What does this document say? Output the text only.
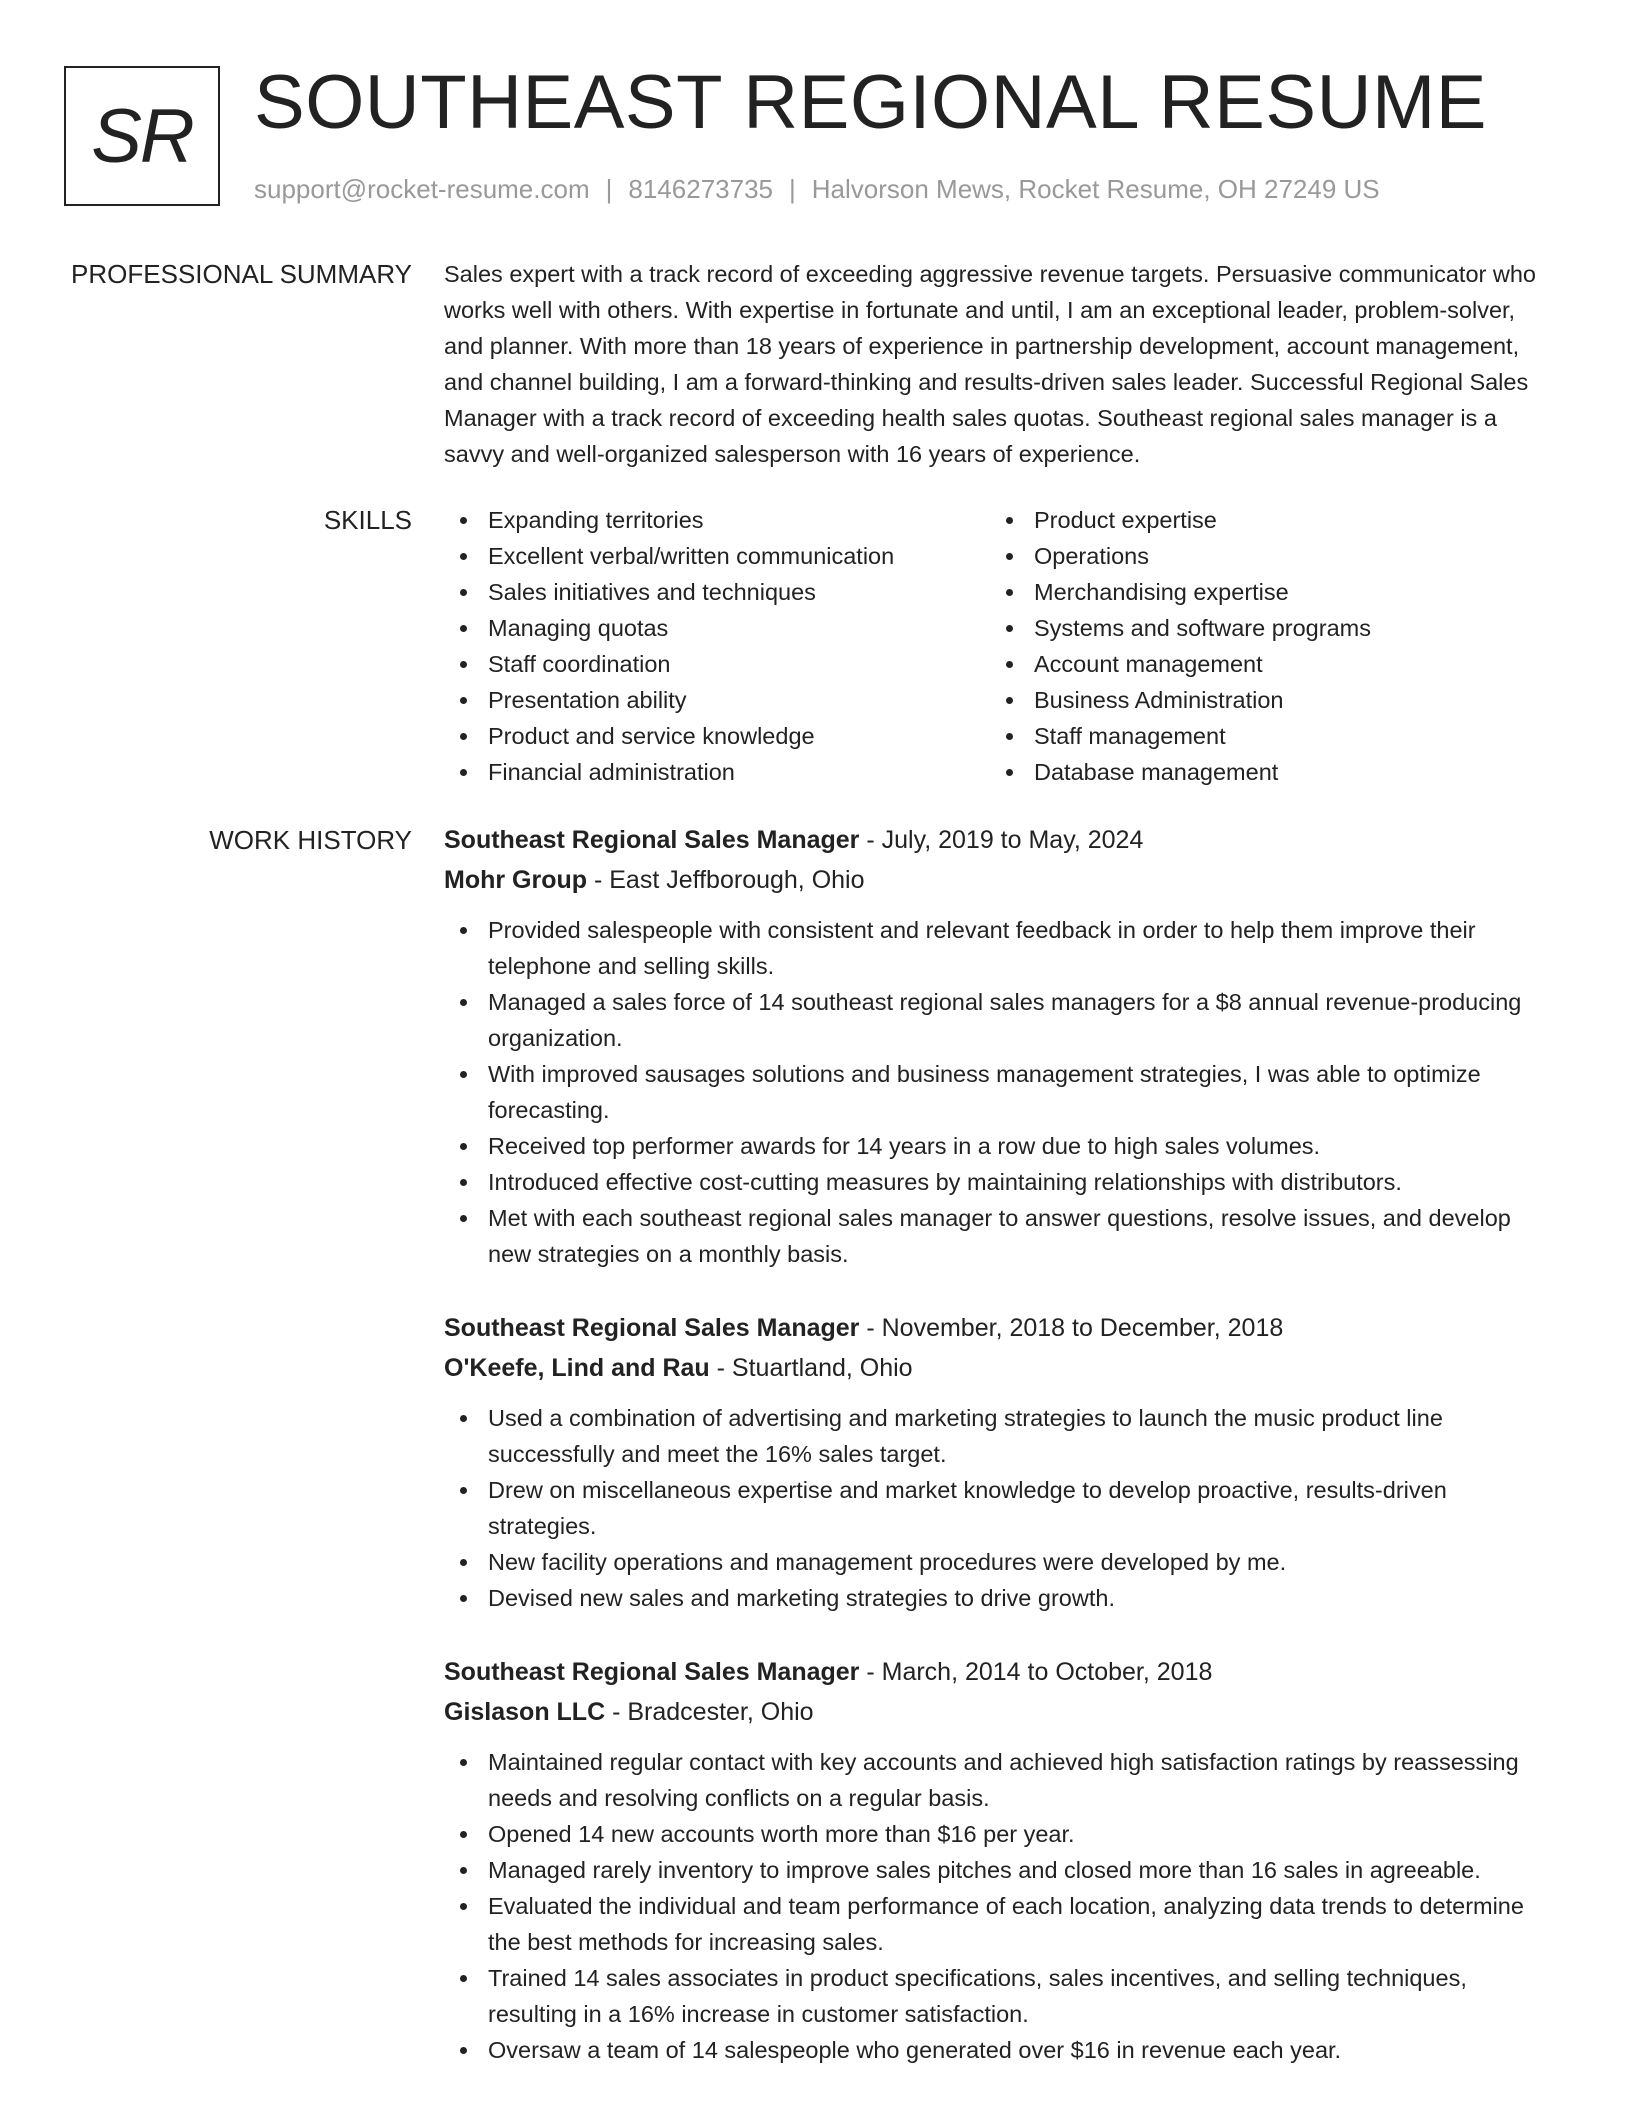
SR SOUTHEAST REGIONAL RESUME
support@rocket-resume.com | 8146273735 | Halvorson Mews, Rocket Resume, OH 27249 US
PROFESSIONAL SUMMARY Sales expert with a track record of exceeding aggressive revenue targets. Persuasive communicator who works well with others. With expertise in fortunate and until, I am an exceptional leader, problem-solver, and planner. With more than 18 years of experience in partnership development, account management, and channel building, I am a forward-thinking and results-driven sales leader. Successful Regional Sales Manager with a track record of exceeding health sales quotas. Southeast regional sales manager is a savvy and well-organized salesperson with 16 years of experience.

SKILLS	Expanding territories
Excellent verbal/written communication
Sales initiatives and techniques
Managing quotas
Staff coordination
Presentation ability
Product and service knowledge
Financial administration
Product expertise
Operations
Merchandising expertise
Systems and software programs
Account management
Business Administration
Staff management
Database management
WORK HISTORY Southeast Regional Sales Manager - July, 2019 to May, 2024
Mohr Group - East Jeffborough, Ohio
Provided salespeople with consistent and relevant feedback in order to help them improve their telephone and selling skills.
Managed a sales force of 14 southeast regional sales managers for a $8 annual revenue-producing organization.
With improved sausages solutions and business management strategies, I was able to optimize forecasting.
Received top performer awards for 14 years in a row due to high sales volumes.
Introduced effective cost-cutting measures by maintaining relationships with distributors.
Met with each southeast regional sales manager to answer questions, resolve issues, and develop new strategies on a monthly basis.
Southeast Regional Sales Manager - November, 2018 to December, 2018
O'Keefe, Lind and Rau - Stuartland, Ohio
Used a combination of advertising and marketing strategies to launch the music product line successfully and meet the 16% sales target.
Drew on miscellaneous expertise and market knowledge to develop proactive, results-driven strategies.
New facility operations and management procedures were developed by me.
Devised new sales and marketing strategies to drive growth.
Southeast Regional Sales Manager - March, 2014 to October, 2018
Gislason LLC - Bradcester, Ohio
Maintained regular contact with key accounts and achieved high satisfaction ratings by reassessing needs and resolving conflicts on a regular basis.
Opened 14 new accounts worth more than $16 per year.
Managed rarely inventory to improve sales pitches and closed more than 16 sales in agreeable.
Evaluated the individual and team performance of each location, analyzing data trends to determine the best methods for increasing sales.
Trained 14 sales associates in product specifications, sales incentives, and selling techniques, resulting in a 16% increase in customer satisfaction.
Oversaw a team of 14 salespeople who generated over $16 in revenue each year.
